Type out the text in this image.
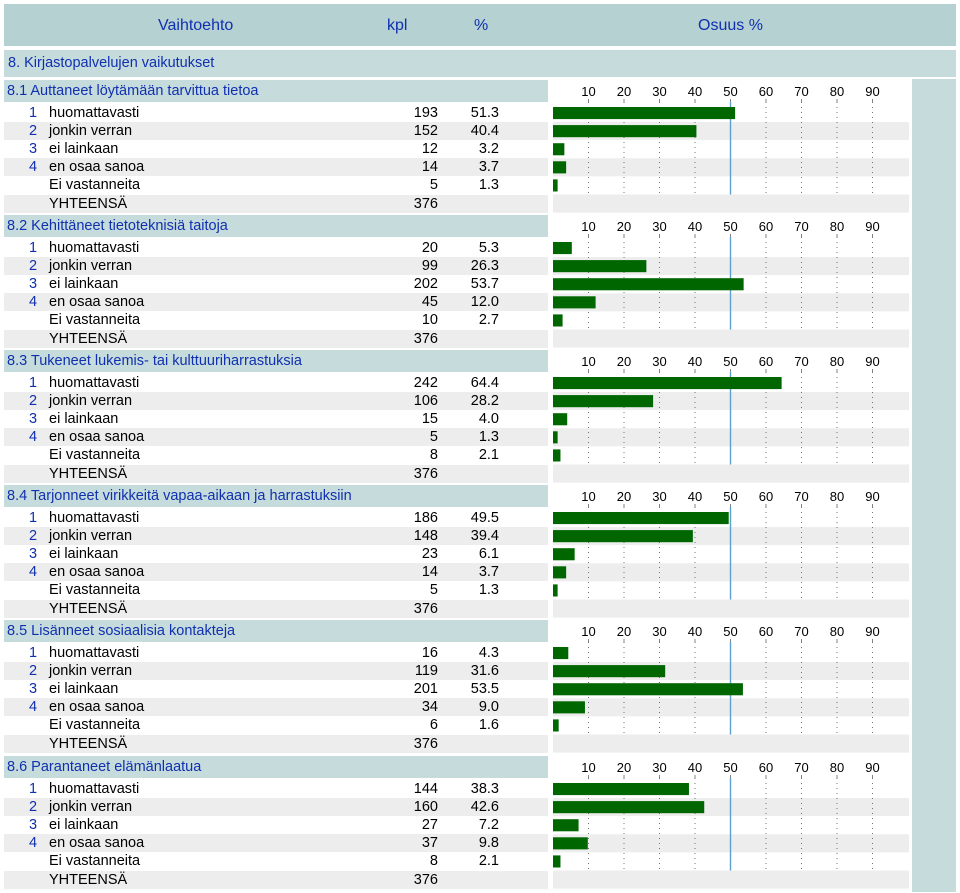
Vaihtoehto	kpl	%	Osuus %
8. Kirjastopalvelujen vaikutukset
8.1 Auttaneet löytämään tarvittua tietoa
1 huomattavasti	193	51.3
2 jonkin verran	152	40.4
3 ei lainkaan	12	3.2
4 en osaa sanoa	14	3.7
Ei vastanneita	5	1.3
YHTEENSÄ	376
10 20 30 40 50 60 70 80 90
8.2 Kehittäneet tietoteknisiä taitoja
1 huomattavasti	20	5.3
2 jonkin verran	99	26.3
3 ei lainkaan	202	53.7
4 en osaa sanoa	45	12.0
Ei vastanneita	10	2.7
YHTEENSÄ	376
10 20 30 40 50 60 70 80 90
8.3 Tukeneet lukemis- tai kulttuuriharrastuksia
1 huomattavasti	242	64.4
2 jonkin verran	106	28.2
3 ei lainkaan	15	4.0
4 en osaa sanoa	5	1.3
Ei vastanneita	8	2.1
YHTEENSÄ	376
10 20 30 40 50 60 70 80 90
8.4 Tarjonneet virikkeitä vapaa-aikaan ja harrastuksiin
1 huomattavasti	186	49.5
2 jonkin verran	148	39.4
3 ei lainkaan	23	6.1
4 en osaa sanoa	14	3.7
Ei vastanneita	5	1.3
YHTEENSÄ	376
10 20 30 40 50 60 70 80 90
8.5 Lisänneet sosiaalisia kontakteja
1 huomattavasti	16	4.3
2 jonkin verran	119	31.6
3 ei lainkaan	201	53.5
4 en osaa sanoa	34	9.0
Ei vastanneita	6	1.6
YHTEENSÄ	376
10 20 30 40 50 60 70 80 90
8.6 Parantaneet elämänlaatua
1 huomattavasti	144	38.3
2 jonkin verran	160	42.6
3 ei lainkaan	27	7.2
4 en osaa sanoa	37	9.8
Ei vastanneita	8	2.1
YHTEENSÄ	376
10 20 30 40 50 60 70 80 90
